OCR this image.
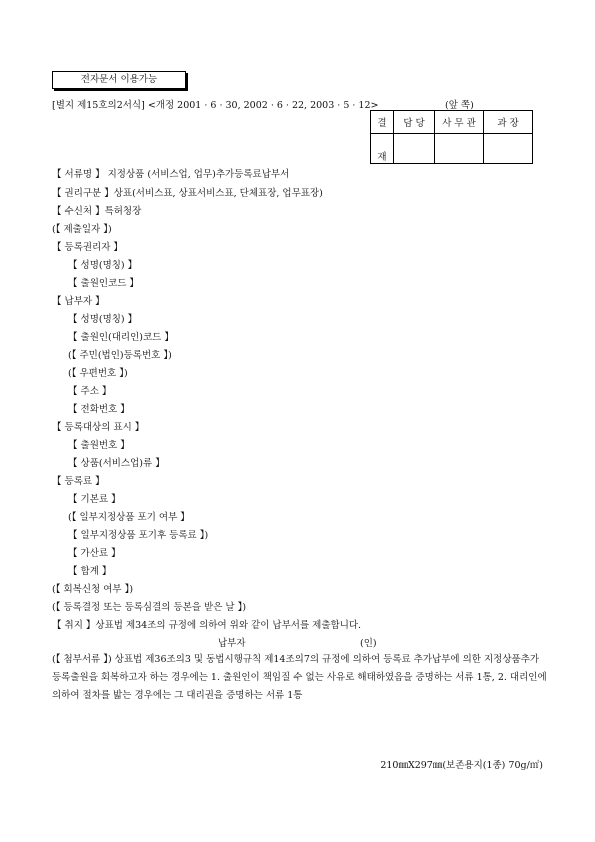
전자문서 이용가능
[별지 제15호의2서식] <개정 2001 · 6 · 30, 2002 · 6 · 22, 2003 · 5 · 12>	(앞 쪽)
결	담 당	사 무 관	과 장
재			
【 서류명 】 지정상품 (서비스업, 업무)추가등록료납부서
【 권리구분 】상표(서비스표, 상표서비스표, 단체표장, 업무표장)
【 수신처 】특허청장
(【 제출일자 】)
【 등록권리자 】
【 성명(명칭) 】
【 출원인코드 】
【 납부자 】
【 성명(명칭) 】
【 출원인(대리인)코드 】
(【 주민(법인)등록번호 】)
(【 우편번호 】)
【 주소 】
【 전화번호 】
【 등록대상의 표시 】
【 출원번호 】
【 상품(서비스업)류 】
【 등록료 】
【 기본료 】
(【 일부지정상품 포기 여부 】
【 일부지정상품 포기후 등록료 】)
【 가산료 】
【 합계 】
(【 회복신청 여부 】)
(【 등록결정 또는 등록심결의 등본을 받은 날 】)
【 취지 】상표법 제34조의 규정에 의하여 위와 같이 납부서를 제출합니다.
납부자	(인)
(【 첨부서류 】) 상표법 제36조의3 및 동법시행규칙 제14조의7의 규정에 의하여 등록료 추가납부에 의한 지정상품추가등록출원을 회복하고자 하는 경우에는 1. 출원인이 책임질 수 없는 사유로 해태하였음을 증명하는 서류 1통, 2. 대리인에 의하여 절차를 밟는 경우에는 그 대리권을 증명하는 서류 1통
210㎜X297㎜(보존용지(1종) 70g/㎡)
